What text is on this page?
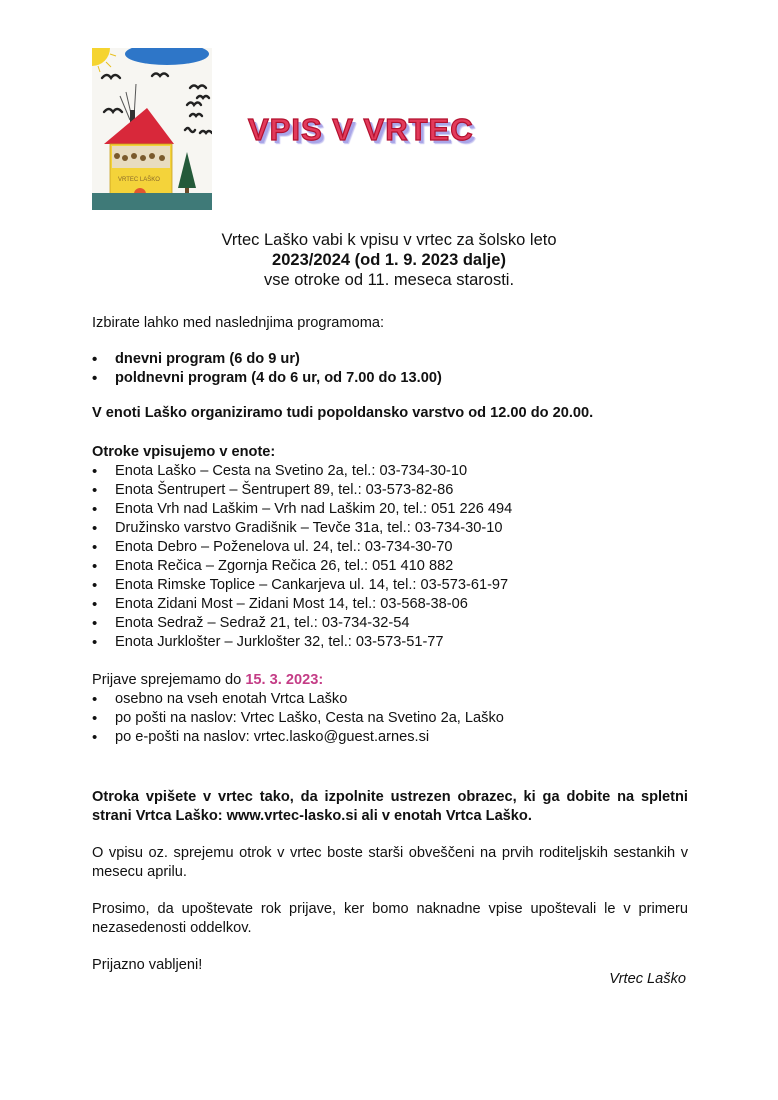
VRTEC LAŠKO
VPIS V VRTEC
Vrtec Laško vabi k vpisu v vrtec za šolsko leto
2023/2024 (od 1. 9. 2023 dalje)
vse otroke od 11. meseca starosti.
Izbirate lahko med naslednjima programoma:
• dnevni program (6 do 9 ur)
• poldnevni program (4 do 6 ur, od 7.00 do 13.00)
V enoti Laško organiziramo tudi popoldansko varstvo od 12.00 do 20.00.
Otroke vpisujemo v enote:
• Enota Laško – Cesta na Svetino 2a, tel.: 03-734-30-10
• Enota Šentrupert – Šentrupert 89, tel.: 03-573-82-86
• Enota Vrh nad Laškim – Vrh nad Laškim 20, tel.: 051 226 494
• Družinsko varstvo Gradišnik – Tevče 31a, tel.: 03-734-30-10
• Enota Debro – Poženelova ul. 24, tel.: 03-734-30-70
• Enota Rečica – Zgornja Rečica 26, tel.: 051 410 882
• Enota Rimske Toplice – Cankarjeva ul. 14, tel.: 03-573-61-97
• Enota Zidani Most – Zidani Most 14, tel.: 03-568-38-06
• Enota Sedraž – Sedraž 21, tel.: 03-734-32-54
• Enota Jurklošter – Jurklošter 32, tel.: 03-573-51-77
Prijave sprejemamo do 15. 3. 2023:
• osebno na vseh enotah Vrtca Laško
• po pošti na naslov: Vrtec Laško, Cesta na Svetino 2a, Laško
• po e-pošti na naslov: vrtec.lasko@guest.arnes.si
Otroka vpišete v vrtec tako, da izpolnite ustrezen obrazec, ki ga dobite na spletni strani Vrtca Laško: www.vrtec-lasko.si ali v enotah Vrtca Laško.
O vpisu oz. sprejemu otrok v vrtec boste starši obveščeni na prvih roditeljskih sestankih v mesecu aprilu.
Prosimo, da upoštevate rok prijave, ker bomo naknadne vpise upoštevali le v primeru nezasedenosti oddelkov.
Prijazno vabljeni!
Vrtec Laško
